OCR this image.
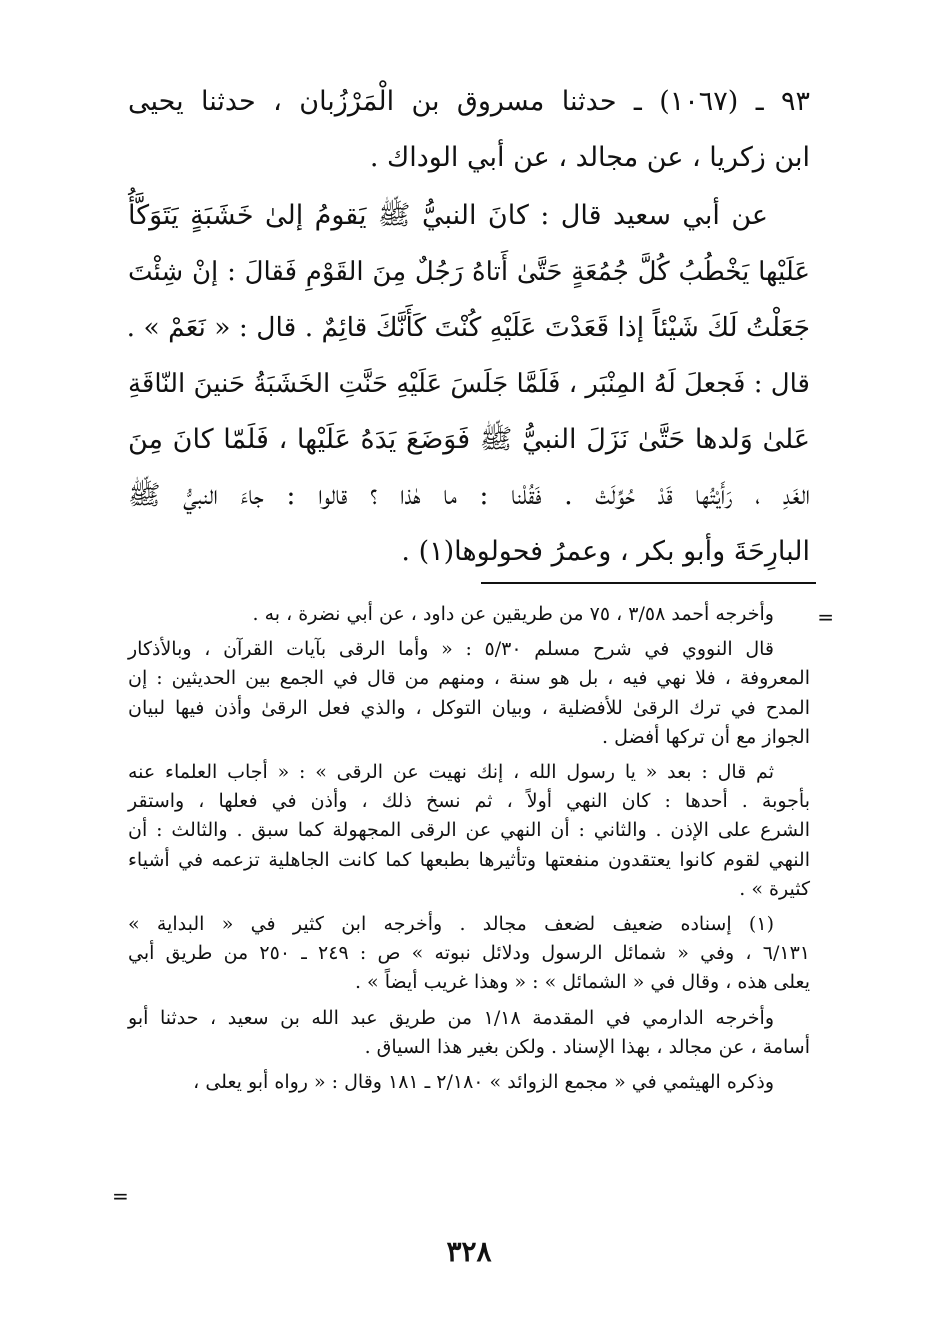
٩٣ ـ (١٠٦٧) ـ حدثنا مسروق بن الْمَرْزُبان ، حدثنا يحيى
ابن زكريا ، عن مجالد ، عن أبي الوداك .
عن أبي سعيد قال : كانَ النبيُّ ﷺ يَقومُ إلىٰ خَشَبَةٍ يَتَوَكَّأُ
عَلَيْها يَخْطُبُ كُلَّ جُمُعَةٍ حَتَّىٰ أَتاهُ رَجُلٌ مِنَ القَوْمِ فَقالَ : إنْ شِئْتَ
جَعَلْتُ لَكَ شَيْئاً إذا قَعَدْتَ عَلَيْهِ كُنْتَ كَأَنَّكَ قائِمٌ . قال : « نَعَمْ » .
قال : فَجعلَ لَهُ المِنْبَر ، فَلَمَّا جَلَسَ عَلَيْهِ حَنَّتِ الخَشَبَةُ حَنينَ النّاقَةِ
عَلىٰ وَلدها حَتَّىٰ نَزَلَ النبيُّ ﷺ فَوَضَعَ يَدَهُ عَلَيْها ، فَلَمّا كانَ مِنَ
الغَدِ ، رَأَيْتُها قَدْ حُوِّلَتْ . فَقُلْنا : ما هٰذا ؟ قالوا : جاءَ النبيُّ ﷺ
البارِحَةَ وأبو بكر ، وعمرُ فحولوها(١) .
=
وأخرجه أحمد ٣/٥٨ ، ٧٥ من طريقين عن داود ، عن أبي نضرة ، به .
قال النووي في شرح مسلم ٥/٣٠ : « وأما الرقى بآيات القرآن ، وبالأذكار
المعروفة ، فلا نهي فيه ، بل هو سنة ، ومنهم من قال في الجمع بين الحديثين : إن
المدح في ترك الرقىٰ للأفضلية ، وبيان التوكل ، والذي فعل الرقىٰ وأذن فيها لبيان
الجواز مع أن تركها أفضل .
ثم قال : بعد « يا رسول الله ، إنك نهيت عن الرقى » : « أجاب العلماء عنه
بأجوبة . أحدها : كان النهي أولاً ، ثم نسخ ذلك ، وأذن في فعلها ، واستقر
الشرع على الإذن . والثاني : أن النهي عن الرقى المجهولة كما سبق . والثالث : أن
النهي لقوم كانوا يعتقدون منفعتها وتأثيرها بطبعها كما كانت الجاهلية تزعمه في أشياء
كثيرة » .
(١) إسناده ضعيف لضعف مجالد . وأخرجه ابن كثير في « البداية »
٦/١٣١ ، وفي « شمائل الرسول ودلائل نبوته » ص : ٢٤٩ ـ ٢٥٠ من طريق أبي
يعلى هذه ، وقال في « الشمائل » : « وهذا غريب أيضاً » .
وأخرجه الدارمي في المقدمة ١/١٨ من طريق عبد الله بن سعيد ، حدثنا أبو
أسامة ، عن مجالد ، بهذا الإسناد . ولكن بغير هذا السياق .
وذكره الهيثمي في « مجمع الزوائد » ٢/١٨٠ ـ ١٨١ وقال : « رواه أبو يعلى ،
=
٣٢٨
